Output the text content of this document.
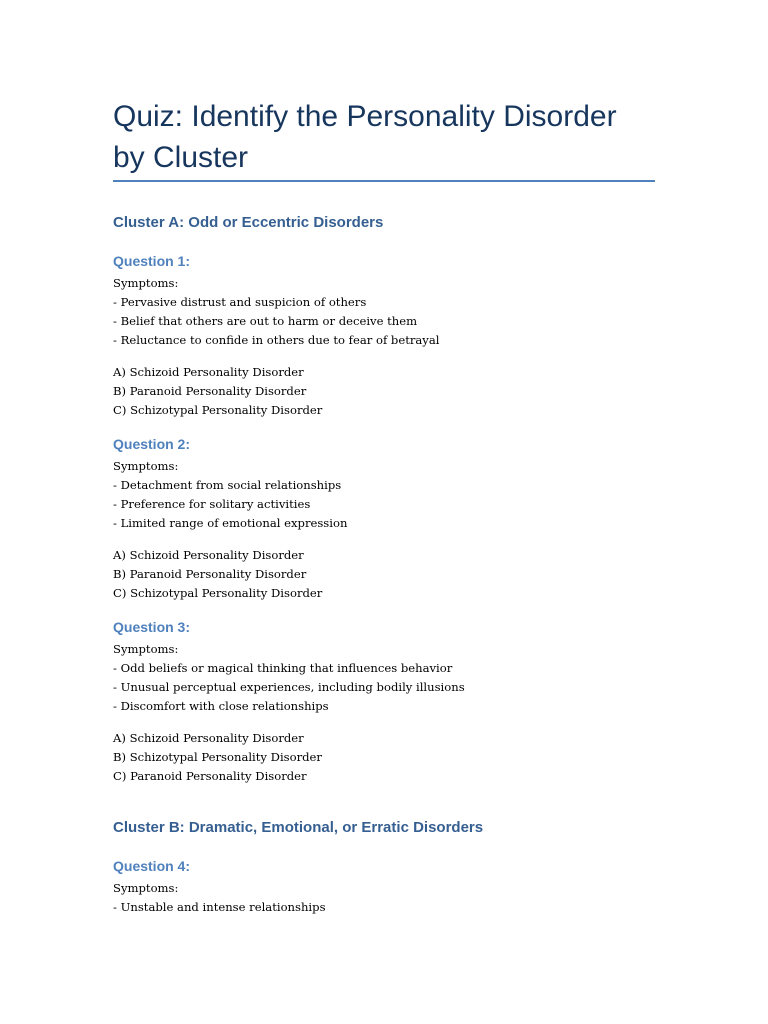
Quiz: Identify the Personality Disorder by Cluster
Cluster A: Odd or Eccentric Disorders
Question 1:
Symptoms:
- Pervasive distrust and suspicion of others
- Belief that others are out to harm or deceive them
- Reluctance to confide in others due to fear of betrayal
A) Schizoid Personality Disorder
B) Paranoid Personality Disorder
C) Schizotypal Personality Disorder
Question 2:
Symptoms:
- Detachment from social relationships
- Preference for solitary activities
- Limited range of emotional expression
A) Schizoid Personality Disorder
B) Paranoid Personality Disorder
C) Schizotypal Personality Disorder
Question 3:
Symptoms:
- Odd beliefs or magical thinking that influences behavior
- Unusual perceptual experiences, including bodily illusions
- Discomfort with close relationships
A) Schizoid Personality Disorder
B) Schizotypal Personality Disorder
C) Paranoid Personality Disorder
Cluster B: Dramatic, Emotional, or Erratic Disorders
Question 4:
Symptoms:
- Unstable and intense relationships
